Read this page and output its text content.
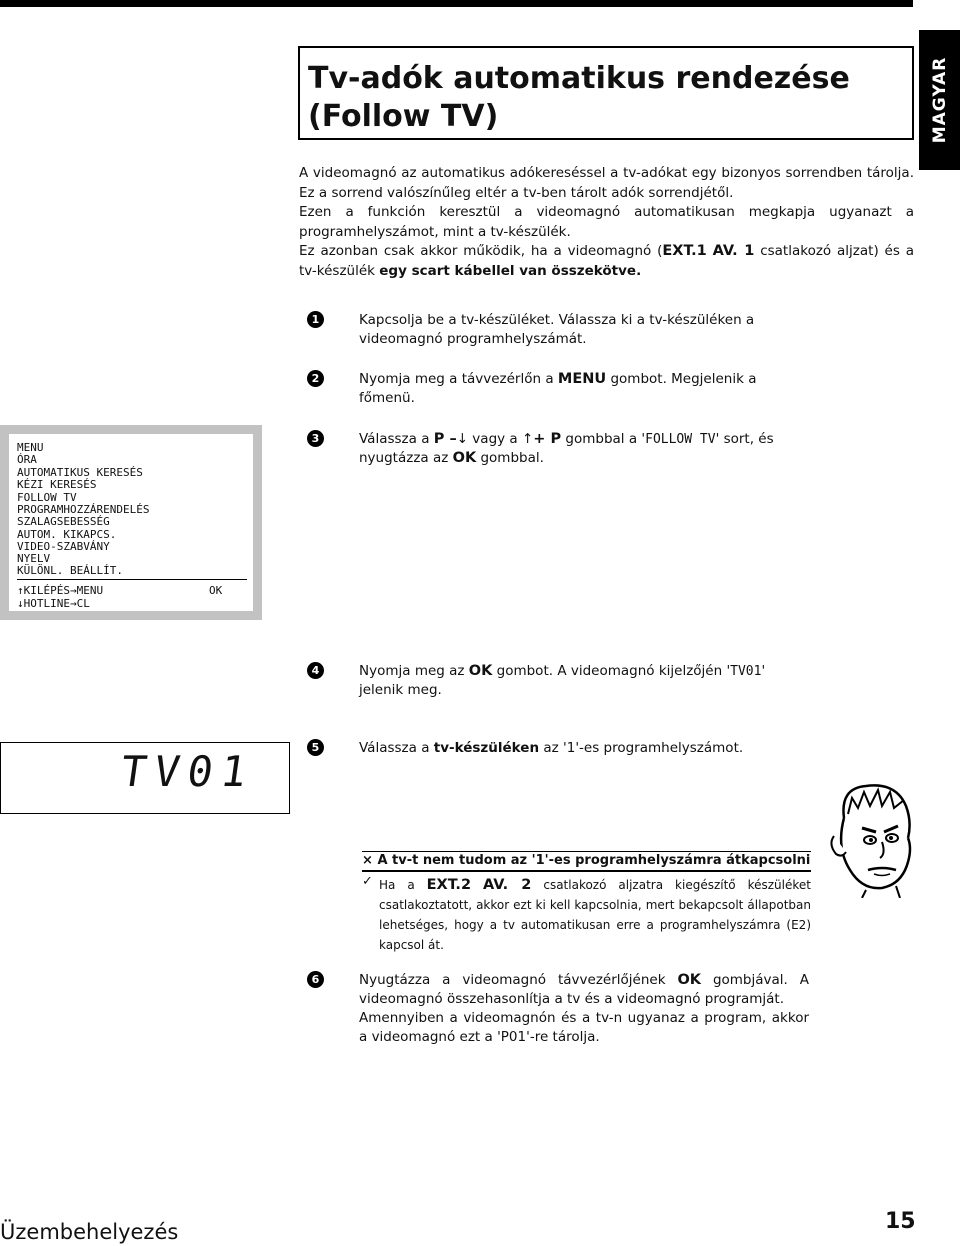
MAGYAR
Tv-adók automatikus rendezése
(Follow TV)

A videomagnó az automatikus adókereséssel a tv-adókat egy bizonyos sorrendben tárolja. Ez a sorrend valószínűleg eltér a tv-ben tárolt adók sorrendjétől.

Ezen a funkción keresztül a videomagnó automatikusan megkapja ugyanazt a programhelyszámot, mint a tv-készülék.

Ez azonban csak akkor működik, ha a videomagnó (EXT.1 AV. 1 csatlakozó aljzat) és a tv-készülék egy scart kábellel van összekötve.

1	Kapcsolja be a tv-készüléket. Válassza ki a tv-készüléken a videomagnó programhelyszámát.
2	Nyomja meg a távvezérlőn a MENU gombot. Megjelenik a főmenü.
MENU
ÓRA
AUTOMATIKUS KERESÉS
KÉZI KERESÉS
FOLLOW TV
PROGRAMHOZZÁRENDELÉS
SZALAGSEBESSÉG
AUTOM. KIKAPCS.
VIDEO-SZABVÁNY
NYELV
KÜLÖNL. BEÁLLÍT.
↑KILÉPÉS→MENU	OK
↓HOTLINE→CL
3	Válassza a P –↓ vagy a ↑+ P gombbal a 'FOLLOW TV' sort, és nyugtázza az OK gombbal.
4	Nyomja meg az OK gombot. A videomagnó kijelzőjén 'TV01' jelenik meg.
TV01	5	Válassza a tv-készüléken az '1'-es programhelyszámot.
× A tv-t nem tudom az '1'-es programhelyszámra átkapcsolni
✓ Ha a EXT.2 AV. 2 csatlakozó aljzatra kiegészítő készüléket csatlakoztatott, akkor ezt ki kell kapcsolnia, mert bekapcsolt állapotban lehetséges, hogy a tv automatikusan erre a programhelyszámra (E2) kapcsol át.
6	Nyugtázza a videomagnó távvezérlőjének OK gombjával. A videomagnó összehasonlítja a tv és a videomagnó programját.
Amennyiben a videomagnón és a tv-n ugyanaz a program, akkor a videomagnó ezt a 'P01'-re tárolja.
Üzembehelyezés	15
